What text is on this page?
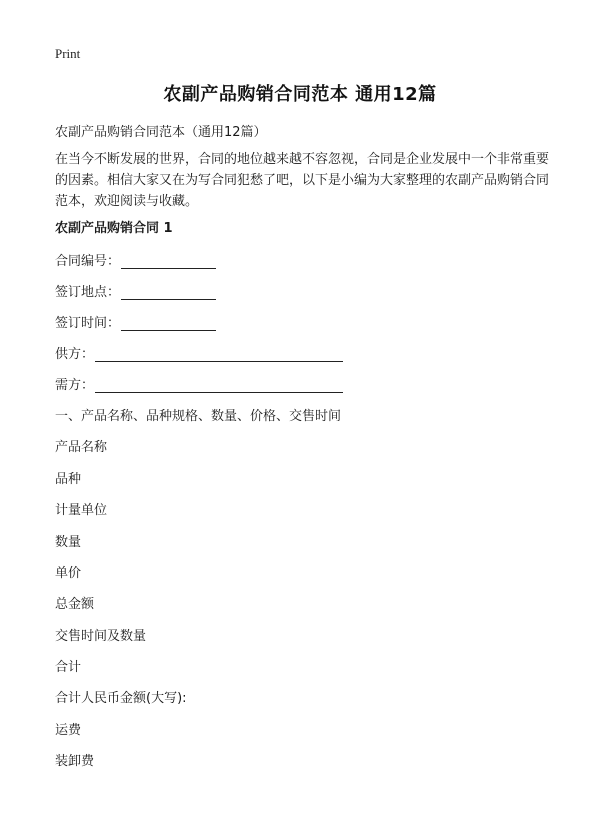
Print
农副产品购销合同范本 通用12篇
农副产品购销合同范本（通用12篇）
在当今不断发展的世界，合同的地位越来越不容忽视，合同是企业发展中一个非常重要的因素。相信大家又在为写合同犯愁了吧，以下是小编为大家整理的农副产品购销合同范本，欢迎阅读与收藏。
农副产品购销合同 1
合同编号：
签订地点：
签订时间：
供方：
需方：
一、产品名称、品种规格、数量、价格、交售时间
产品名称
品种
计量单位
数量
单价
总金额
交售时间及数量
合计
合计人民币金额(大写):
运费
装卸费
